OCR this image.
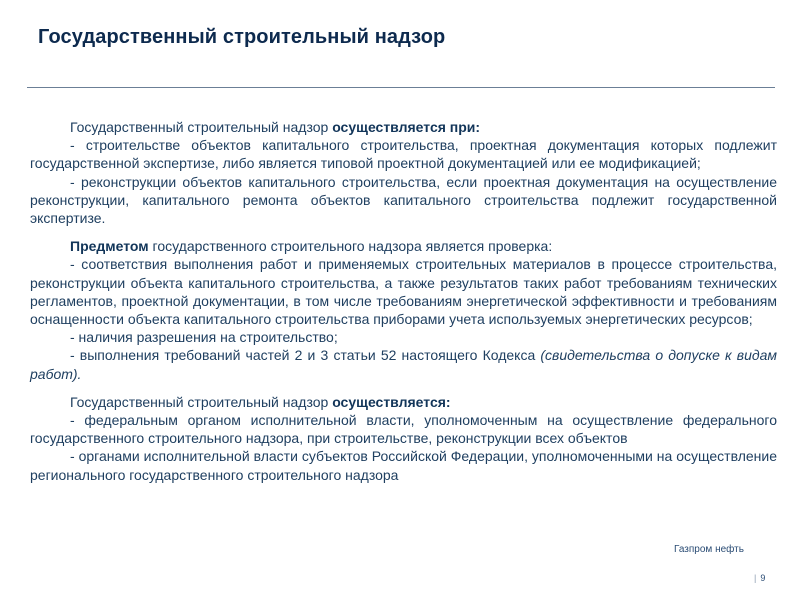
Государственный строительный надзор

Государственный строительный надзор осуществляется при:

- строительстве объектов капитального строительства, проектная документация которых подлежит государственной экспертизе, либо является типовой проектной документацией или ее модификацией;

- реконструкции объектов капитального строительства, если проектная документация на осуществление реконструкции, капитального ремонта объектов капитального строительства подлежит государственной экспертизе.

Предметом государственного строительного надзора является проверка:

- соответствия выполнения работ и применяемых строительных материалов в процессе строительства, реконструкции объекта капитального строительства, а также результатов таких работ требованиям технических регламентов, проектной документации, в том числе требованиям энергетической эффективности и требованиям оснащенности объекта капитального строительства приборами учета используемых энергетических ресурсов;

- наличия разрешения на строительство;

- выполнения требований частей 2 и 3 статьи 52 настоящего Кодекса (свидетельства о допуске к видам работ).

Государственный строительный надзор осуществляется:

- федеральным органом исполнительной власти, уполномоченным на осуществление федерального государственного строительного надзора, при строительстве, реконструкции всех объектов

- органами исполнительной власти субъектов Российской Федерации, уполномоченными на осуществление регионального государственного строительного надзора

Газпром нефть
| 9
